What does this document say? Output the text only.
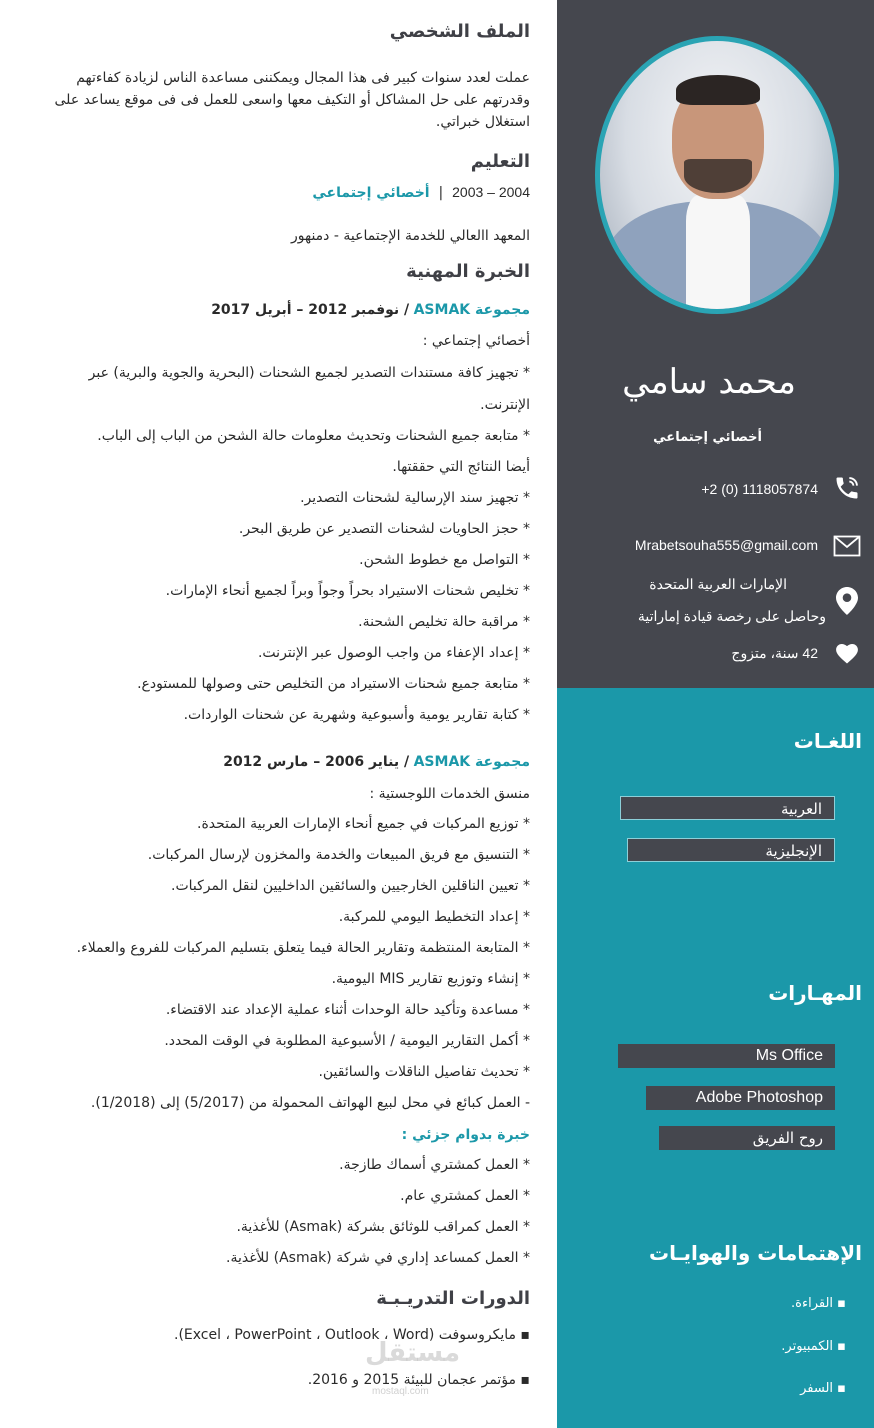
محمد سامي
أخصائي إجتماعي
+2 (0) 1118057874
Mrabetsouha555@gmail.com
الإمارات العربية المتحدة
وحاصل على رخصة قيادة إماراتية
42 سنة، متزوج
اللغـات
العربية
الإنجليزية
المهـارات
Ms Office
Adobe Photoshop
روح الفريق
الإهتمامات والهوايـات
▪ القراءة.
▪ الكمبيوتر.
▪ السفر
الملف الشخصي
عملت لعدد سنوات كبير فى هذا المجال ويمكننى مساعدة الناس لزيادة كفاءتهم
وقدرتهم على حل المشاكل أو التكيف معها واسعى للعمل فى فى موقع يساعد على
استغلال خبراتي.
التعليم
2003 – 2004  |  أخصائي إجتماعي
المعهد االعالي للخدمة الإجتماعية - دمنهور
الخبرة المهنية
مجموعة ASMAK / نوفمبر 2012 – أبريل 2017
أخصائي إجتماعي :
* تجهيز كافة مستندات التصدير لجميع الشحنات (البحرية والجوية والبرية) عبر
الإنترنت.
* متابعة جميع الشحنات وتحديث معلومات حالة الشحن من الباب إلى الباب.
أيضا النتائج التي حققتها.
* تجهيز سند الإرسالية لشحنات التصدير.
* حجز الحاويات لشحنات التصدير عن طريق البحر.
* التواصل مع خطوط الشحن.
* تخليص شحنات الاستيراد بحراً وجواً وبراً لجميع أنحاء الإمارات.
* مراقبة حالة تخليص الشحنة.
* إعداد الإعفاء من واجب الوصول عبر الإنترنت.
* متابعة جميع شحنات الاستيراد من التخليص حتى وصولها للمستودع.
* كتابة تقارير يومية وأسبوعية وشهرية عن شحنات الواردات.
مجموعة ASMAK / يناير 2006 – مارس 2012
منسق الخدمات اللوجستية :
* توزيع المركبات في جميع أنحاء الإمارات العربية المتحدة.
* التنسيق مع فريق المبيعات والخدمة والمخزون لإرسال المركبات.
* تعيين الناقلين الخارجيين والسائقين الداخليين لنقل المركبات.
* إعداد التخطيط اليومي للمركبة.
* المتابعة المنتظمة وتقارير الحالة فيما يتعلق بتسليم المركبات للفروع والعملاء.
* إنشاء وتوزيع تقارير MIS اليومية.
* مساعدة وتأكيد حالة الوحدات أثناء عملية الإعداد عند الاقتضاء.
* أكمل التقارير اليومية / الأسبوعية المطلوبة في الوقت المحدد.
* تحديث تفاصيل الناقلات والسائقين.
- العمل كبائع في محل لبيع الهواتف المحمولة من (5/2017) إلى (1/2018).
خبرة بدوام جزئي :
* العمل كمشتري أسماك طازجة.
* العمل كمشتري عام.
* العمل كمراقب للوثائق بشركة (Asmak) للأغذية.
* العمل كمساعد إداري في شركة (Asmak) للأغذية.
الدورات التدريـبـة
▪ مايكروسوفت (Excel ، PowerPoint ، Outlook ، Word).
▪ مؤتمر عجمان للبيئة 2015 و 2016.
مستقل
mostaql.com
